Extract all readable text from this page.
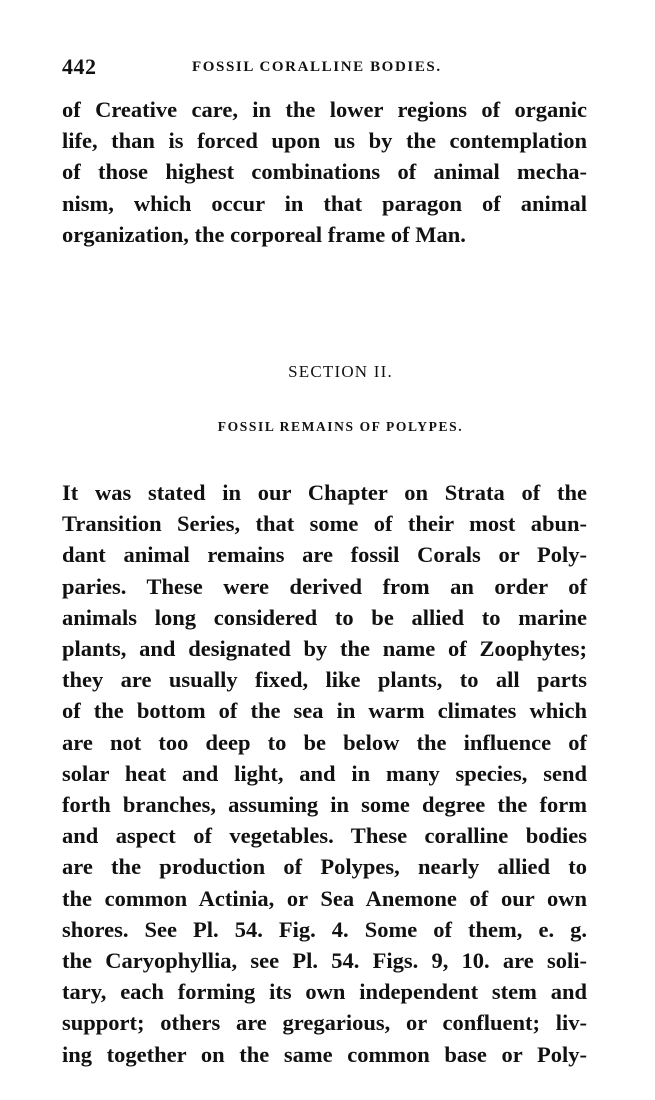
442	FOSSIL CORALLINE BODIES.
of Creative care, in the lower regions of organic
life, than is forced upon us by the contemplation
of those highest combinations of animal mecha-
nism, which occur in that paragon of animal
organization, the corporeal frame of Man.
SECTION II.
FOSSIL REMAINS OF POLYPES.
It was stated in our Chapter on Strata of the
Transition Series, that some of their most abun-
dant animal remains are fossil Corals or Poly-
paries. These were derived from an order of
animals long considered to be allied to marine
plants, and designated by the name of Zoophytes;
they are usually fixed, like plants, to all parts
of the bottom of the sea in warm climates which
are not too deep to be below the influence of
solar heat and light, and in many species, send
forth branches, assuming in some degree the form
and aspect of vegetables. These coralline bodies
are the production of Polypes, nearly allied to
the common Actinia, or Sea Anemone of our own
shores. See Pl. 54. Fig. 4. Some of them, e. g.
the Caryophyllia, see Pl. 54. Figs. 9, 10. are soli-
tary, each forming its own independent stem and
support; others are gregarious, or confluent; liv-
ing together on the same common base or Poly-
